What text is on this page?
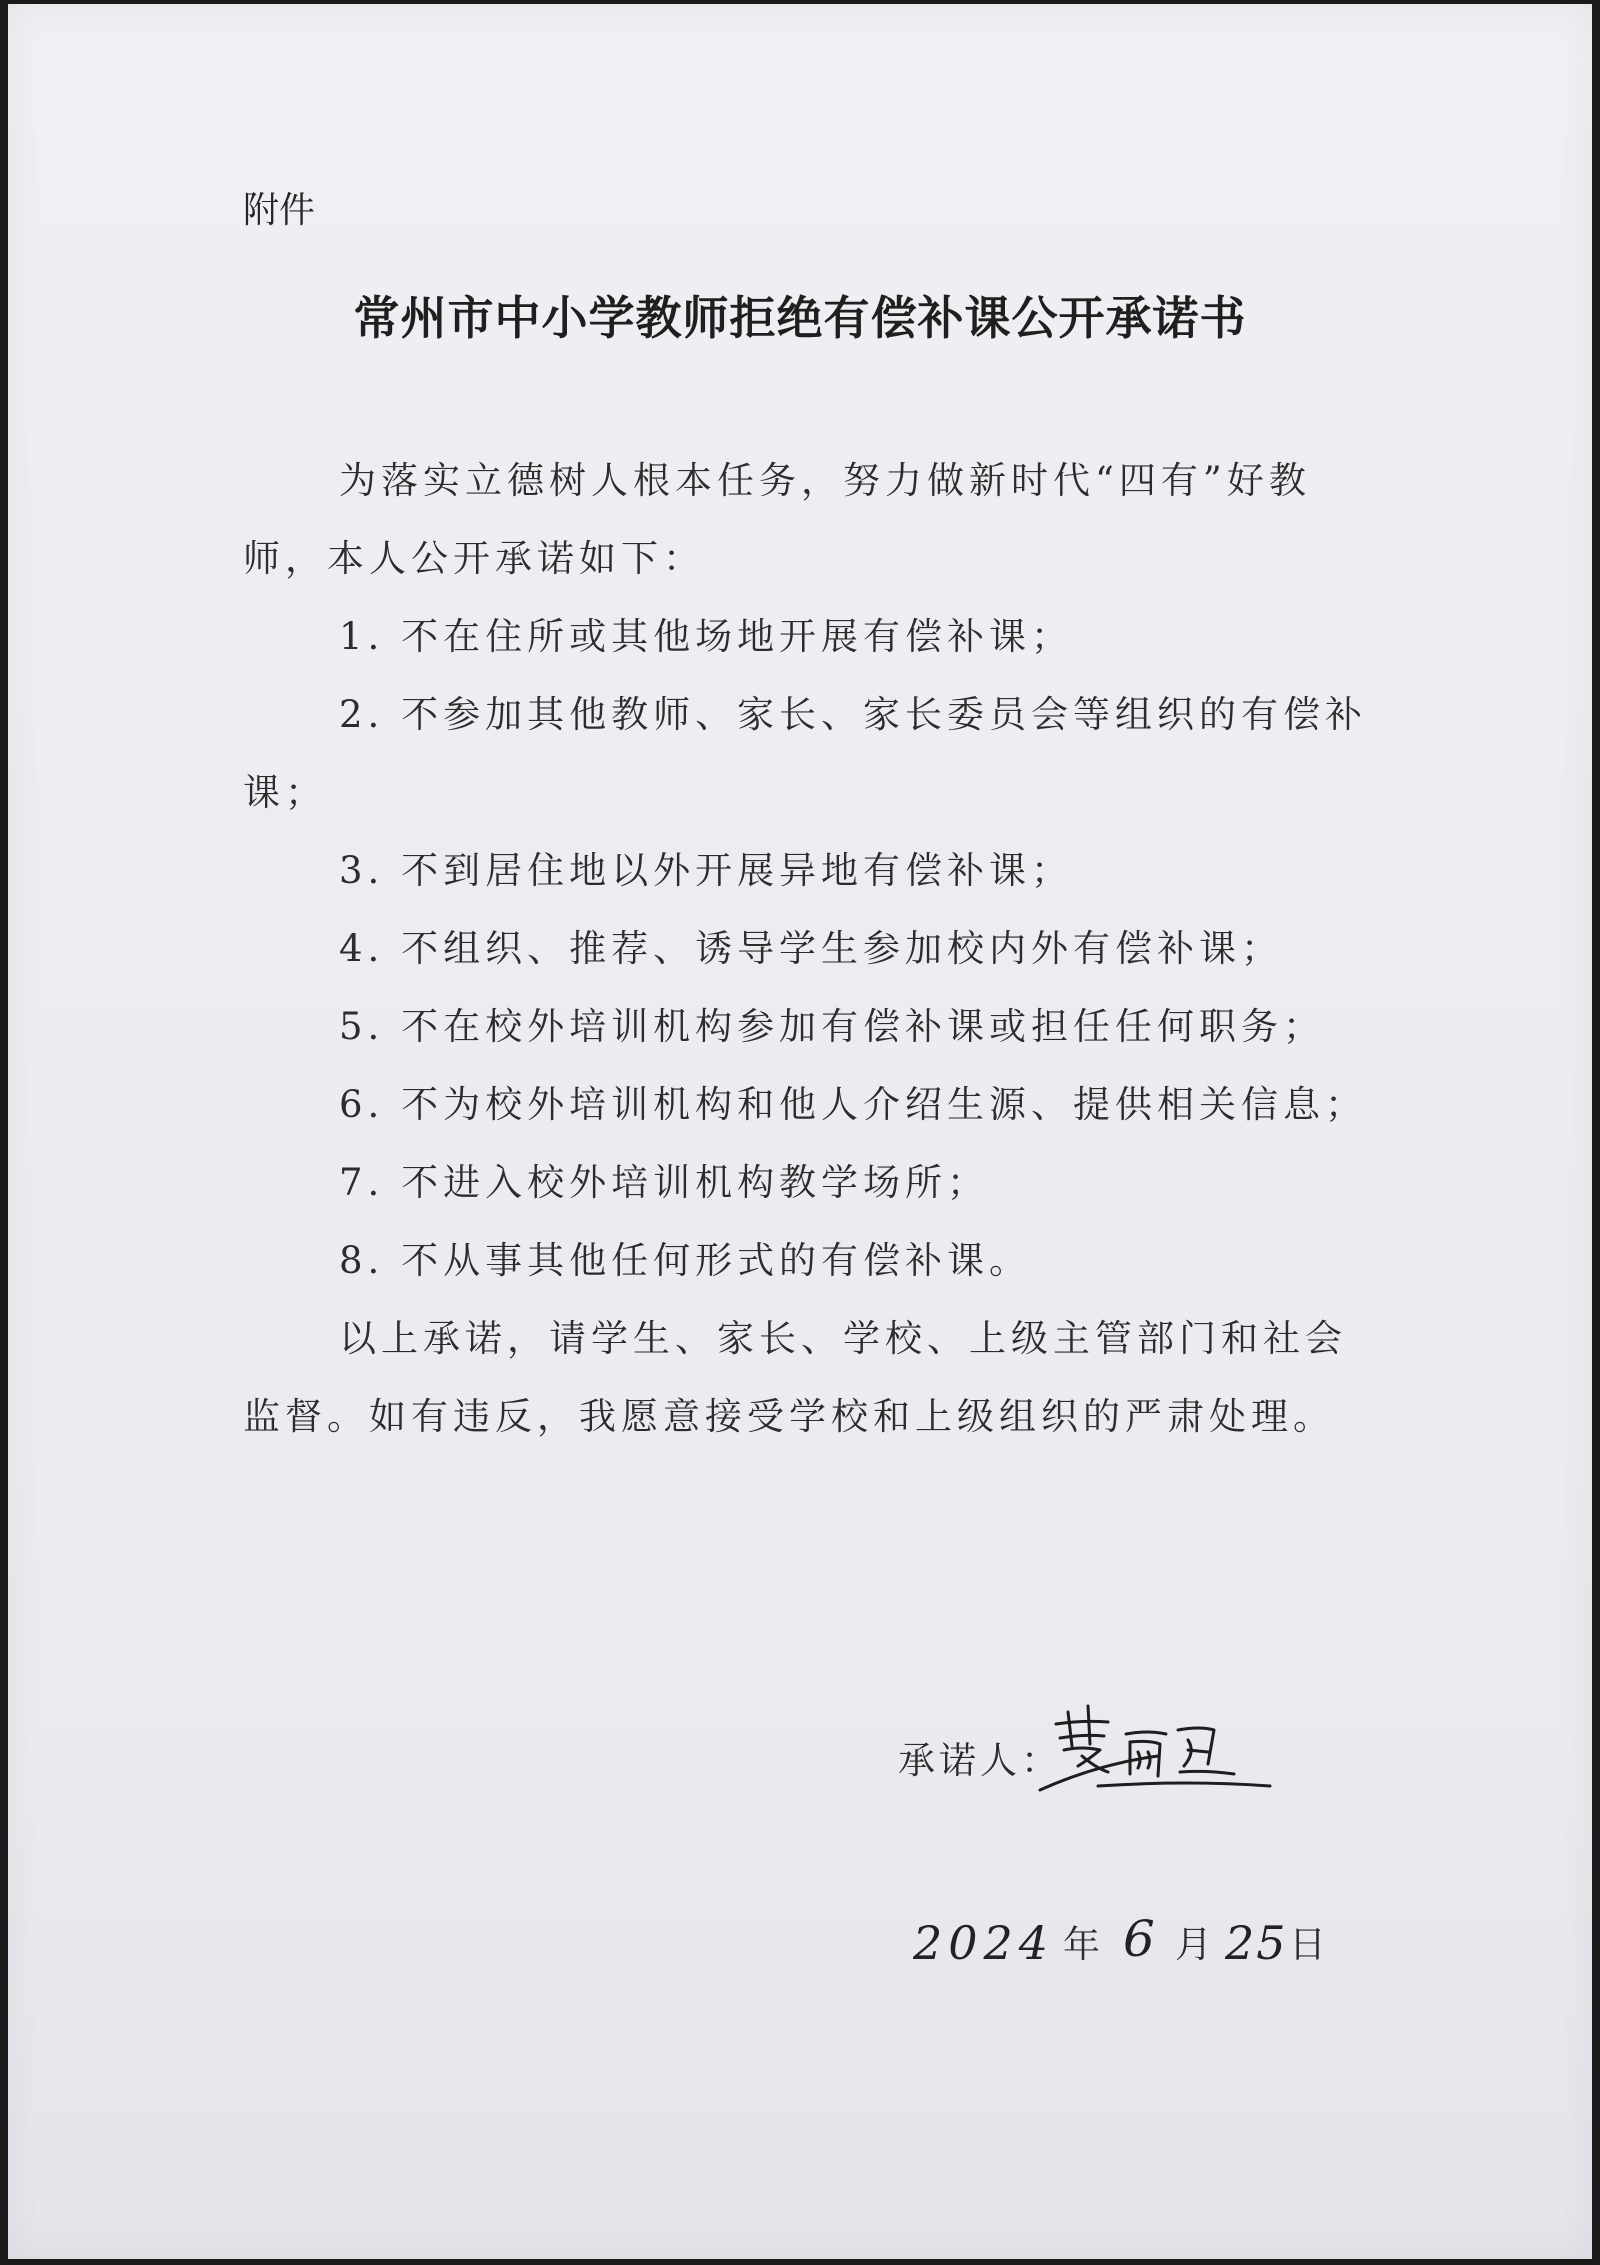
附件
常州市中小学教师拒绝有偿补课公开承诺书

为落实立德树人根本任务，努力做新时代“四有”好教师，本人公开承诺如下：

1. 不在住所或其他场地开展有偿补课；

2. 不参加其他教师、家长、家长委员会等组织的有偿补课；

3. 不到居住地以外开展异地有偿补课；

4. 不组织、推荐、诱导学生参加校内外有偿补课；

5. 不在校外培训机构参加有偿补课或担任任何职务；

6. 不为校外培训机构和他人介绍生源、提供相关信息；

7. 不进入校外培训机构教学场所；

8. 不从事其他任何形式的有偿补课。

以上承诺，请学生、家长、学校、上级主管部门和社会监督。如有违反，我愿意接受学校和上级组织的严肃处理。

承诺人：
2024 年 6 月 25 日
